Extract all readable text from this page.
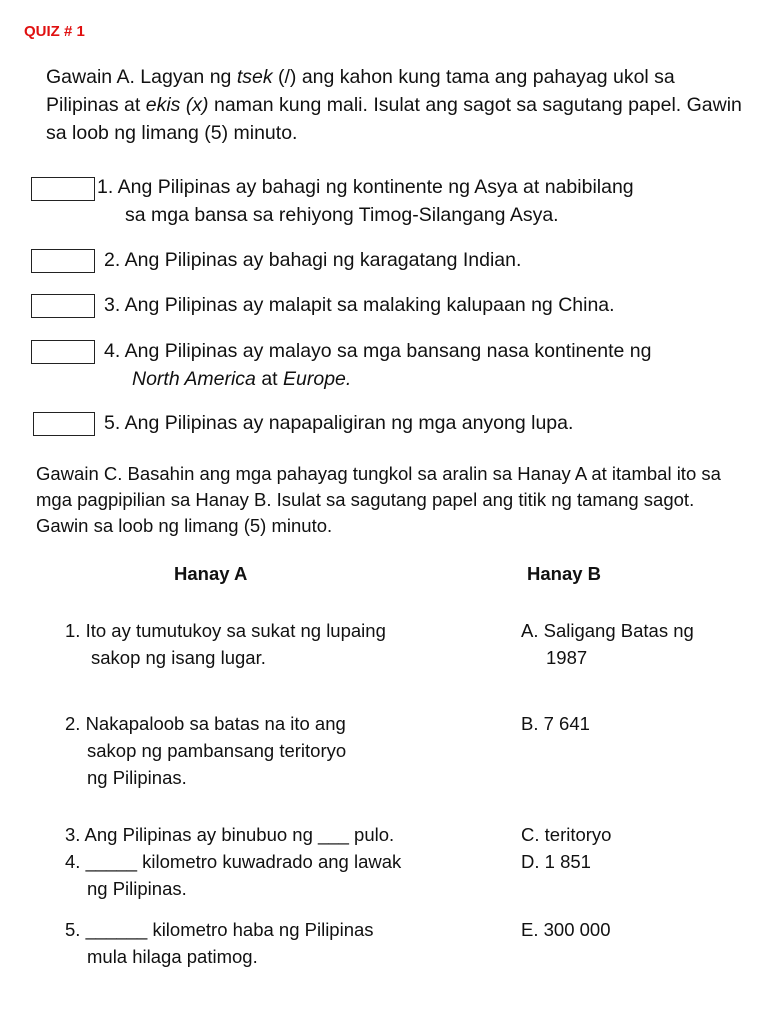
QUIZ # 1
Gawain A. Lagyan ng tsek (/) ang kahon kung tama ang pahayag ukol sa Pilipinas at ekis (x) naman kung mali. Isulat ang sagot sa sagutang papel. Gawin sa loob ng limang (5) minuto.
1. Ang Pilipinas ay bahagi ng kontinente ng Asya at nabibilang
sa mga bansa sa rehiyong Timog-Silangang Asya.
2. Ang Pilipinas ay bahagi ng karagatang Indian.
3. Ang Pilipinas ay malapit sa malaking kalupaan ng China.
4. Ang Pilipinas ay malayo sa mga bansang nasa kontinente ng
North America at Europe.
5. Ang Pilipinas ay napapaligiran ng mga anyong lupa.
Gawain C. Basahin ang mga pahayag tungkol sa aralin sa Hanay A at itambal ito sa mga pagpipilian sa Hanay B. Isulat sa sagutang papel ang titik ng tamang sagot. Gawin sa loob ng limang (5) minuto.
Hanay A	Hanay B
1. Ito ay tumutukoy sa sukat ng lupaing
sakop ng isang lugar.
2. Nakapaloob sa batas na ito ang
sakop ng pambansang teritoryo
ng Pilipinas.
3. Ang Pilipinas ay binubuo ng ___ pulo.
4. _____ kilometro kuwadrado ang lawak
ng Pilipinas.
5. ______ kilometro haba ng Pilipinas
mula hilaga patimog.
A. Saligang Batas ng
1987
B. 7 641
C. teritoryo
D. 1 851
E. 300 000
